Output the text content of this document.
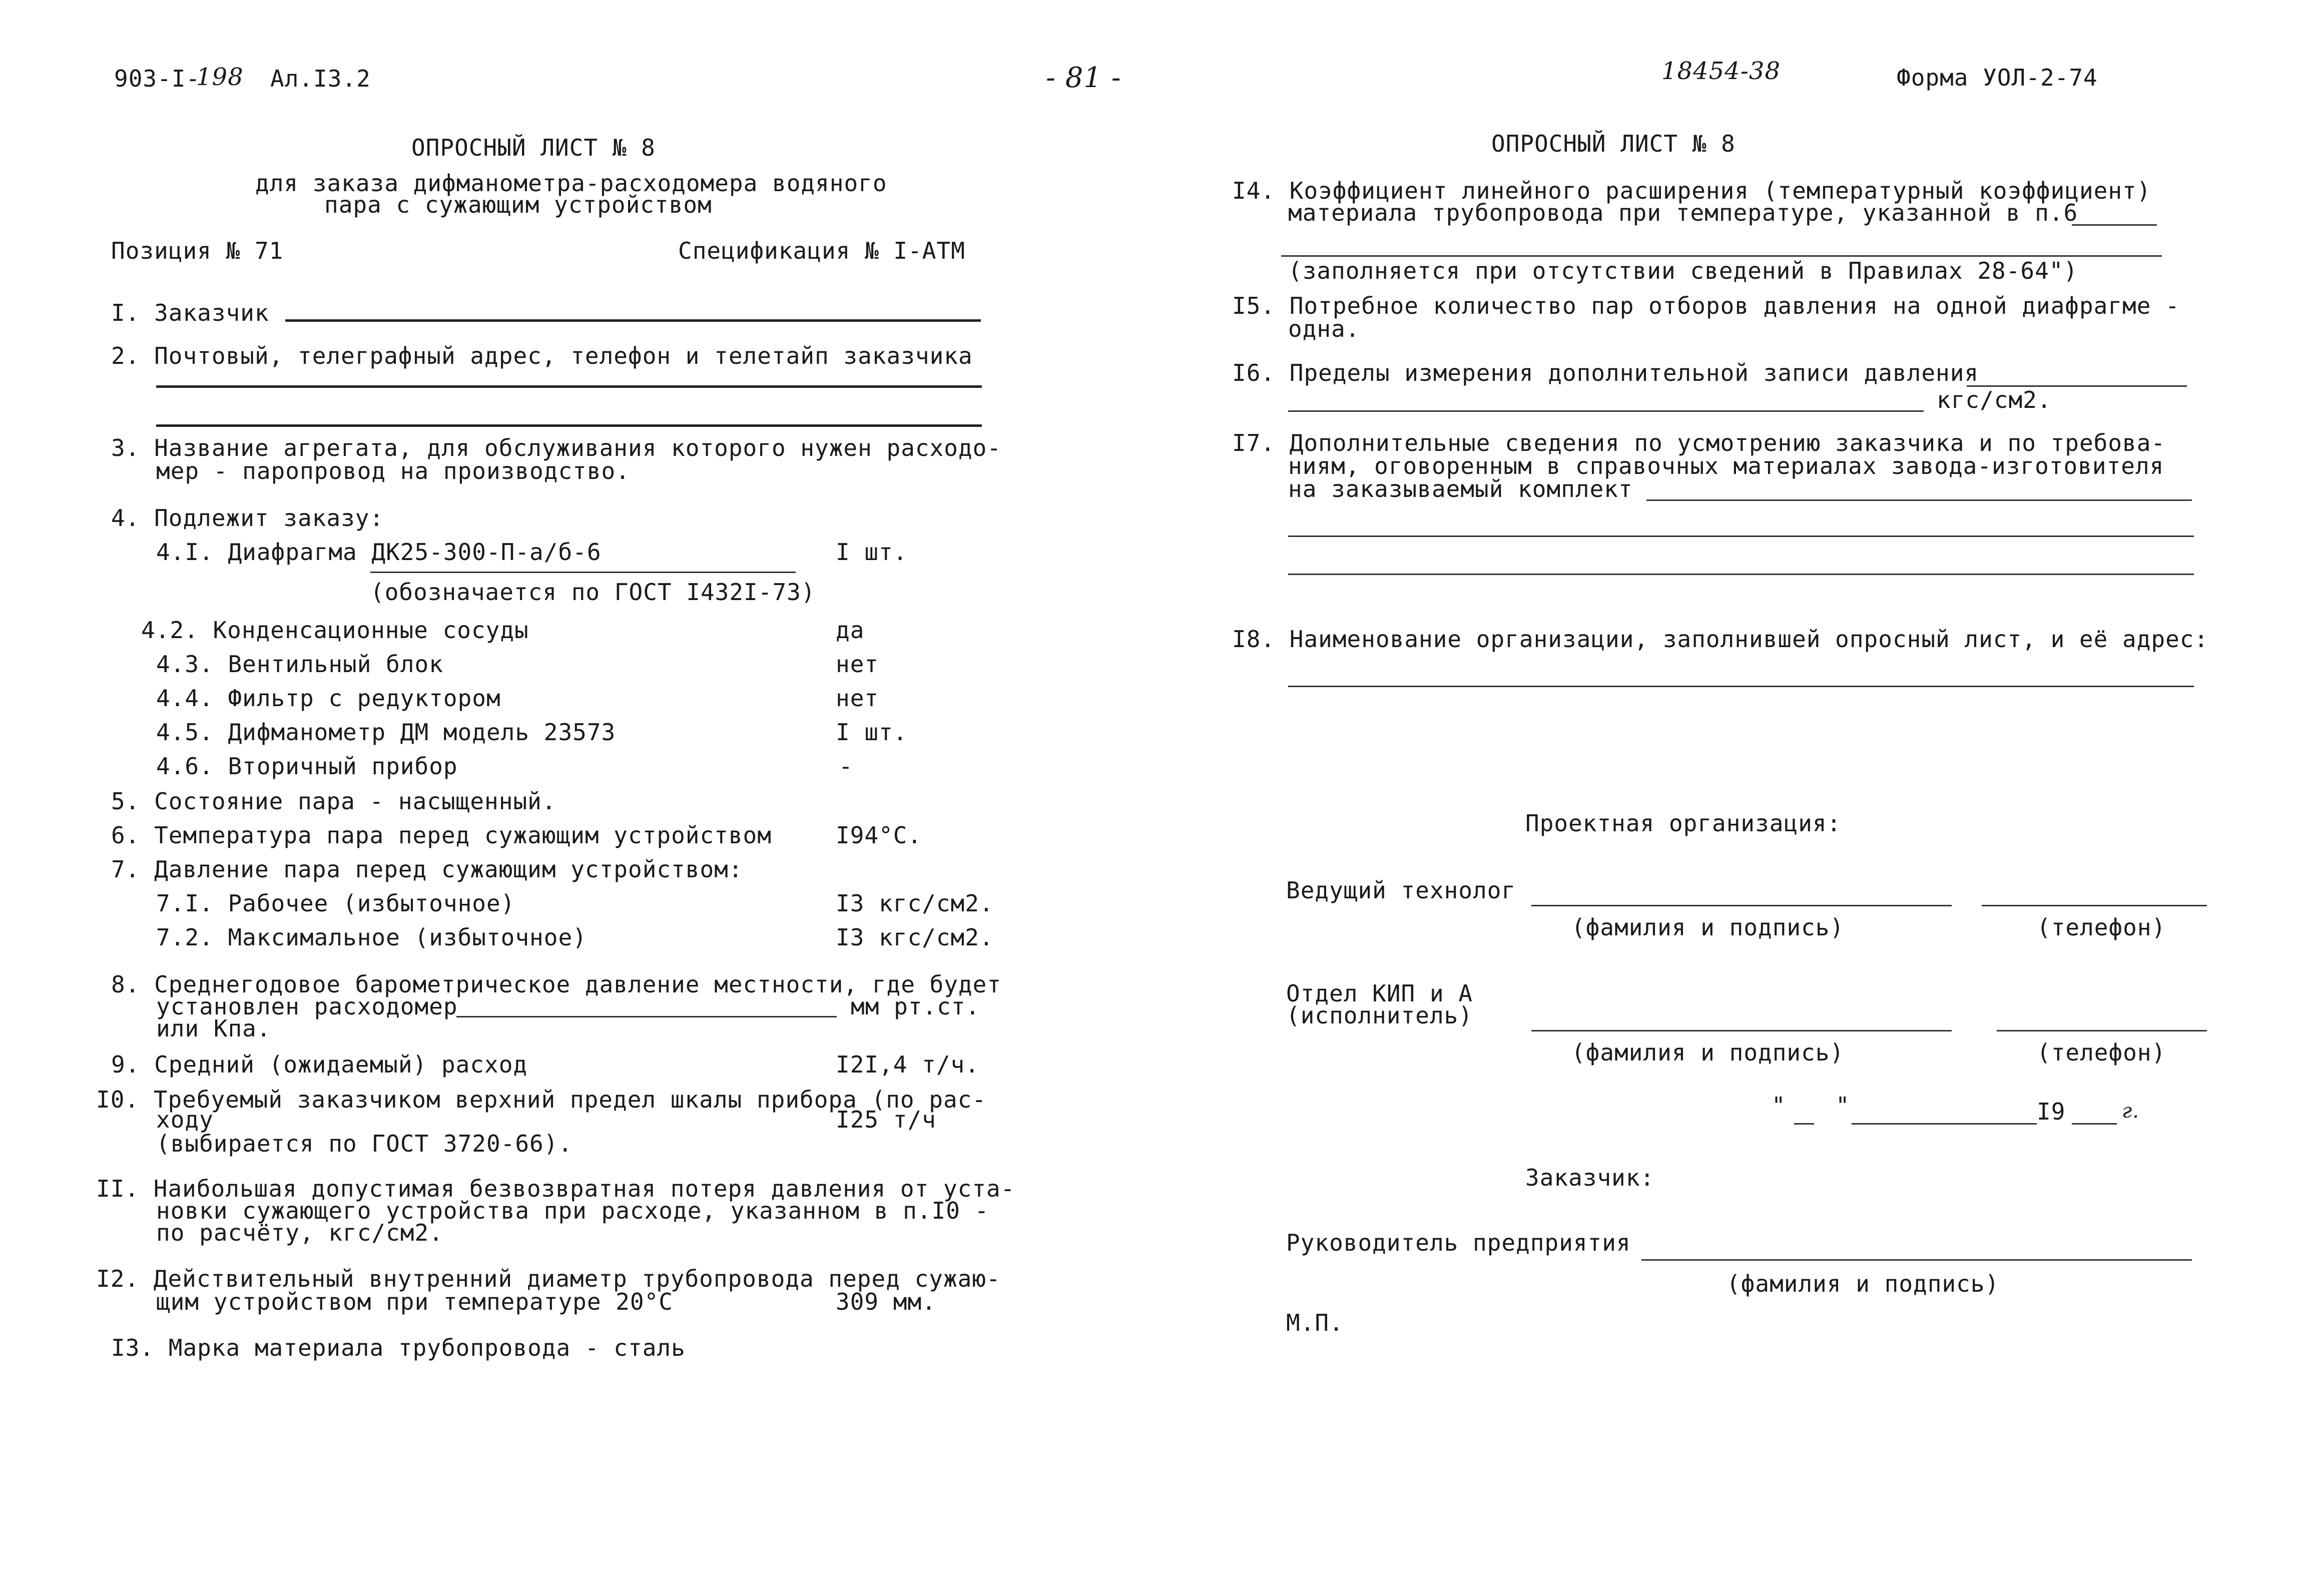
903-I-
198 Ал.I3.2
ОПРОСНЫЙ ЛИСТ № 8
для заказа дифманометра-расходомера водяного
пара с сужающим устройством
Позиция № 71	Спецификация № I-АТМ
I. Заказчик
2. Почтовый, телеграфный адрес, телефон и телетайп заказчика
3. Название агрегата, для обслуживания которого нужен расходо-
мер - паропровод на производство.
4. Подлежит заказу:
4.I. Диафрагма ДК25-300-П-а/б-6	I шт.
(обозначается по ГОСТ I432I-73)
4.2. Конденсационные сосуды	да
4.3. Вентильный блок	нет
4.4. Фильтр с редуктором	нет
4.5. Дифманометр ДМ модель 23573	I шт.
4.6. Вторичный прибор	-
5. Состояние пара - насыщенный.
6. Температура пара перед сужающим устройством	I94°С.
7. Давление пара перед сужающим устройством:
7.I. Рабочее (избыточное)	I3 кгс/см2.
7.2. Максимальное (избыточное)	I3 кгс/см2.
8. Среднегодовое барометрическое давление местности, где будет
установлен расходомер	мм рт.ст.
или Кпа.
9. Средний (ожидаемый) расход	I2I,4 т/ч.
I0. Требуемый заказчиком верхний предел шкалы прибора (по рас-
ходу	I25 т/ч
(выбирается по ГОСТ 3720-66).
II. Наибольшая допустимая безвозвратная потеря давления от уста-
новки сужающего устройства при расходе, указанном в п.I0 -
по расчёту, кгс/см2.
I2. Действительный внутренний диаметр трубопровода перед сужаю-
щим устройством при температуре 20°С	309 мм.
I3. Марка материала трубопровода - сталь
- 81 -	18454-38	Форма УОЛ-2-74
ОПРОСНЫЙ ЛИСТ № 8
I4. Коэффициент линейного расширения (температурный коэффициент)
материала трубопровода при температуре, указанной в п.6
(заполняется при отсутствии сведений в Правилах 28-64")
I5. Потребное количество пар отборов давления на одной диафрагме -
одна.
I6. Пределы измерения дополнительной записи давления
кгс/см2.
I7. Дополнительные сведения по усмотрению заказчика и по требова-
ниям, оговоренным в справочных материалах завода-изготовителя
на заказываемый комплект
I8. Наименование организации, заполнившей опросный лист, и её адрес:
Проектная организация:
Ведущий технолог
(фамилия и подпись)	(телефон)
Отдел КИП и А
(исполнитель)
(фамилия и подпись)	(телефон)
" "	I9	г.
Заказчик:
Руководитель предприятия
(фамилия и подпись)
М.П.
